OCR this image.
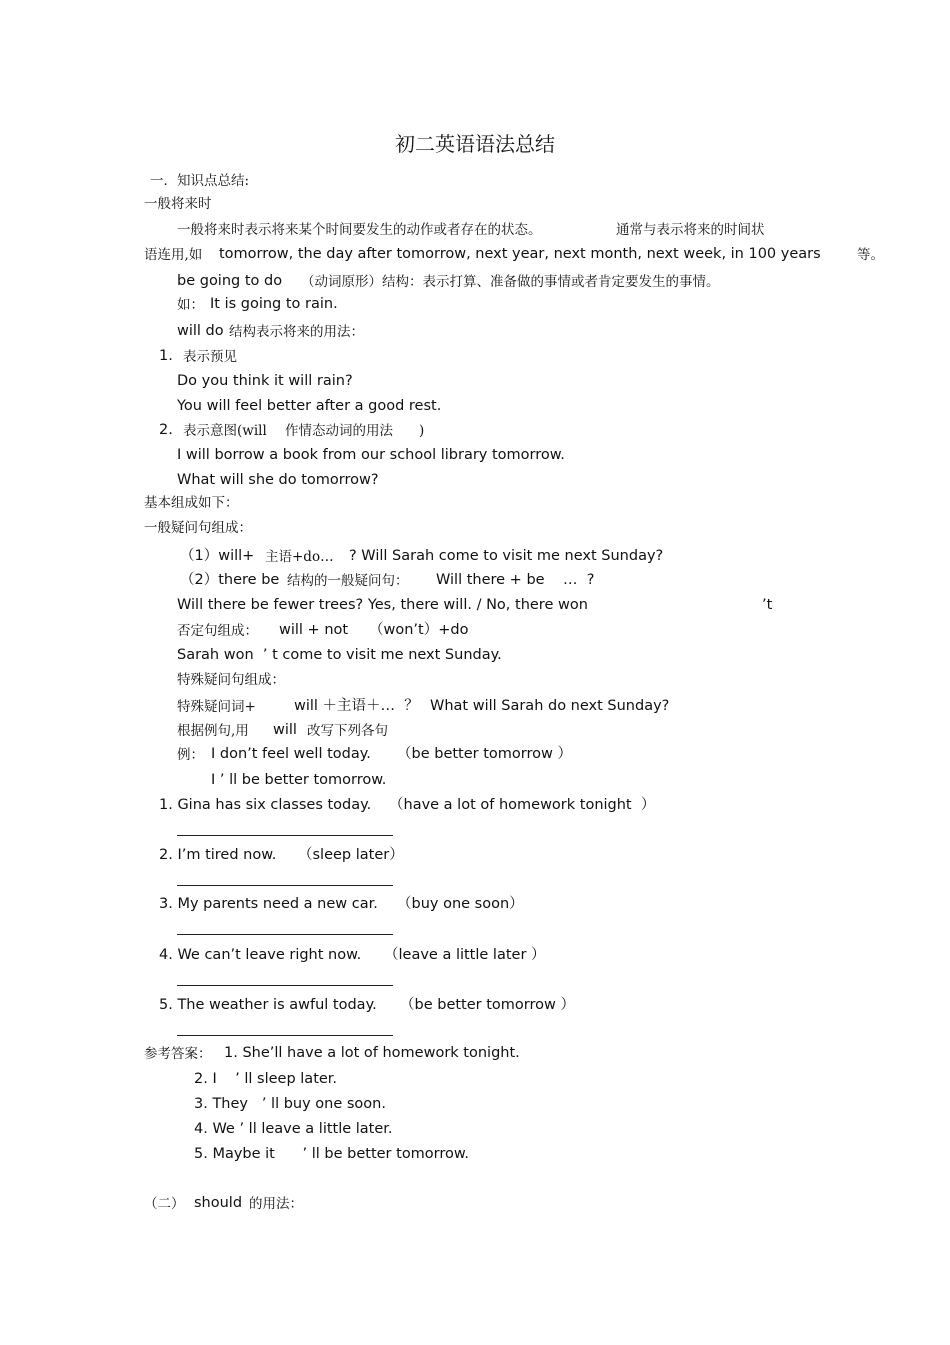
初二英语语法总结
一．知识点总结:
一般将来时
一般将来时表示将来某个时间要发生的动作或者存在的状态。	通常与表示将来的时间状
语连用,如 tomorrow, the day after tomorrow, next year, next month, next week, in 100 years	等。
be going to do （动词原形）结构：表示打算、准备做的事情或者肯定要发生的事情。
如： It is going to rain.
will do 结构表示将来的用法：
1. 表示预见
Do you think it will rain?
You will feel better after a good rest.
2. 表示意图(will 作情态动词的用法 )
I will borrow a book from our school library tomorrow.
What will she do tomorrow?
基本组成如下：
一般疑问句组成：
（1）will+ 主语+do… ? Will Sarah come to visit me next Sunday?
（2）there be 结构的一般疑问句： Will there + be …  ?
Will there be fewer trees? Yes, there will. / No, there won	’t
否定句组成： will + not （won’t）+do
Sarah won  ’ t come to visit me next Sunday.
特殊疑问句组成：
特殊疑问词+	will ＋主语＋…  ？ What will Sarah do next Sunday?
根据例句,用 will 改写下列各句
例： I don’t feel well today. （be better tomorrow ）
I ’ ll be better tomorrow.
1. Gina has six classes today. （have a lot of homework tonight  ）
2. I’m tired now. （sleep later）
3. My parents need a new car. （buy one soon）
4. We can’t leave right now. （leave a little later ）
5. The weather is awful today. （be better tomorrow ）
参考答案： 1. She’ll have a lot of homework tonight.
2. I    ’ ll sleep later.
3. They   ’ ll buy one soon.
4. We ’ ll leave a little later.
5. Maybe it      ’ ll be better tomorrow.
（二） should 的用法：
